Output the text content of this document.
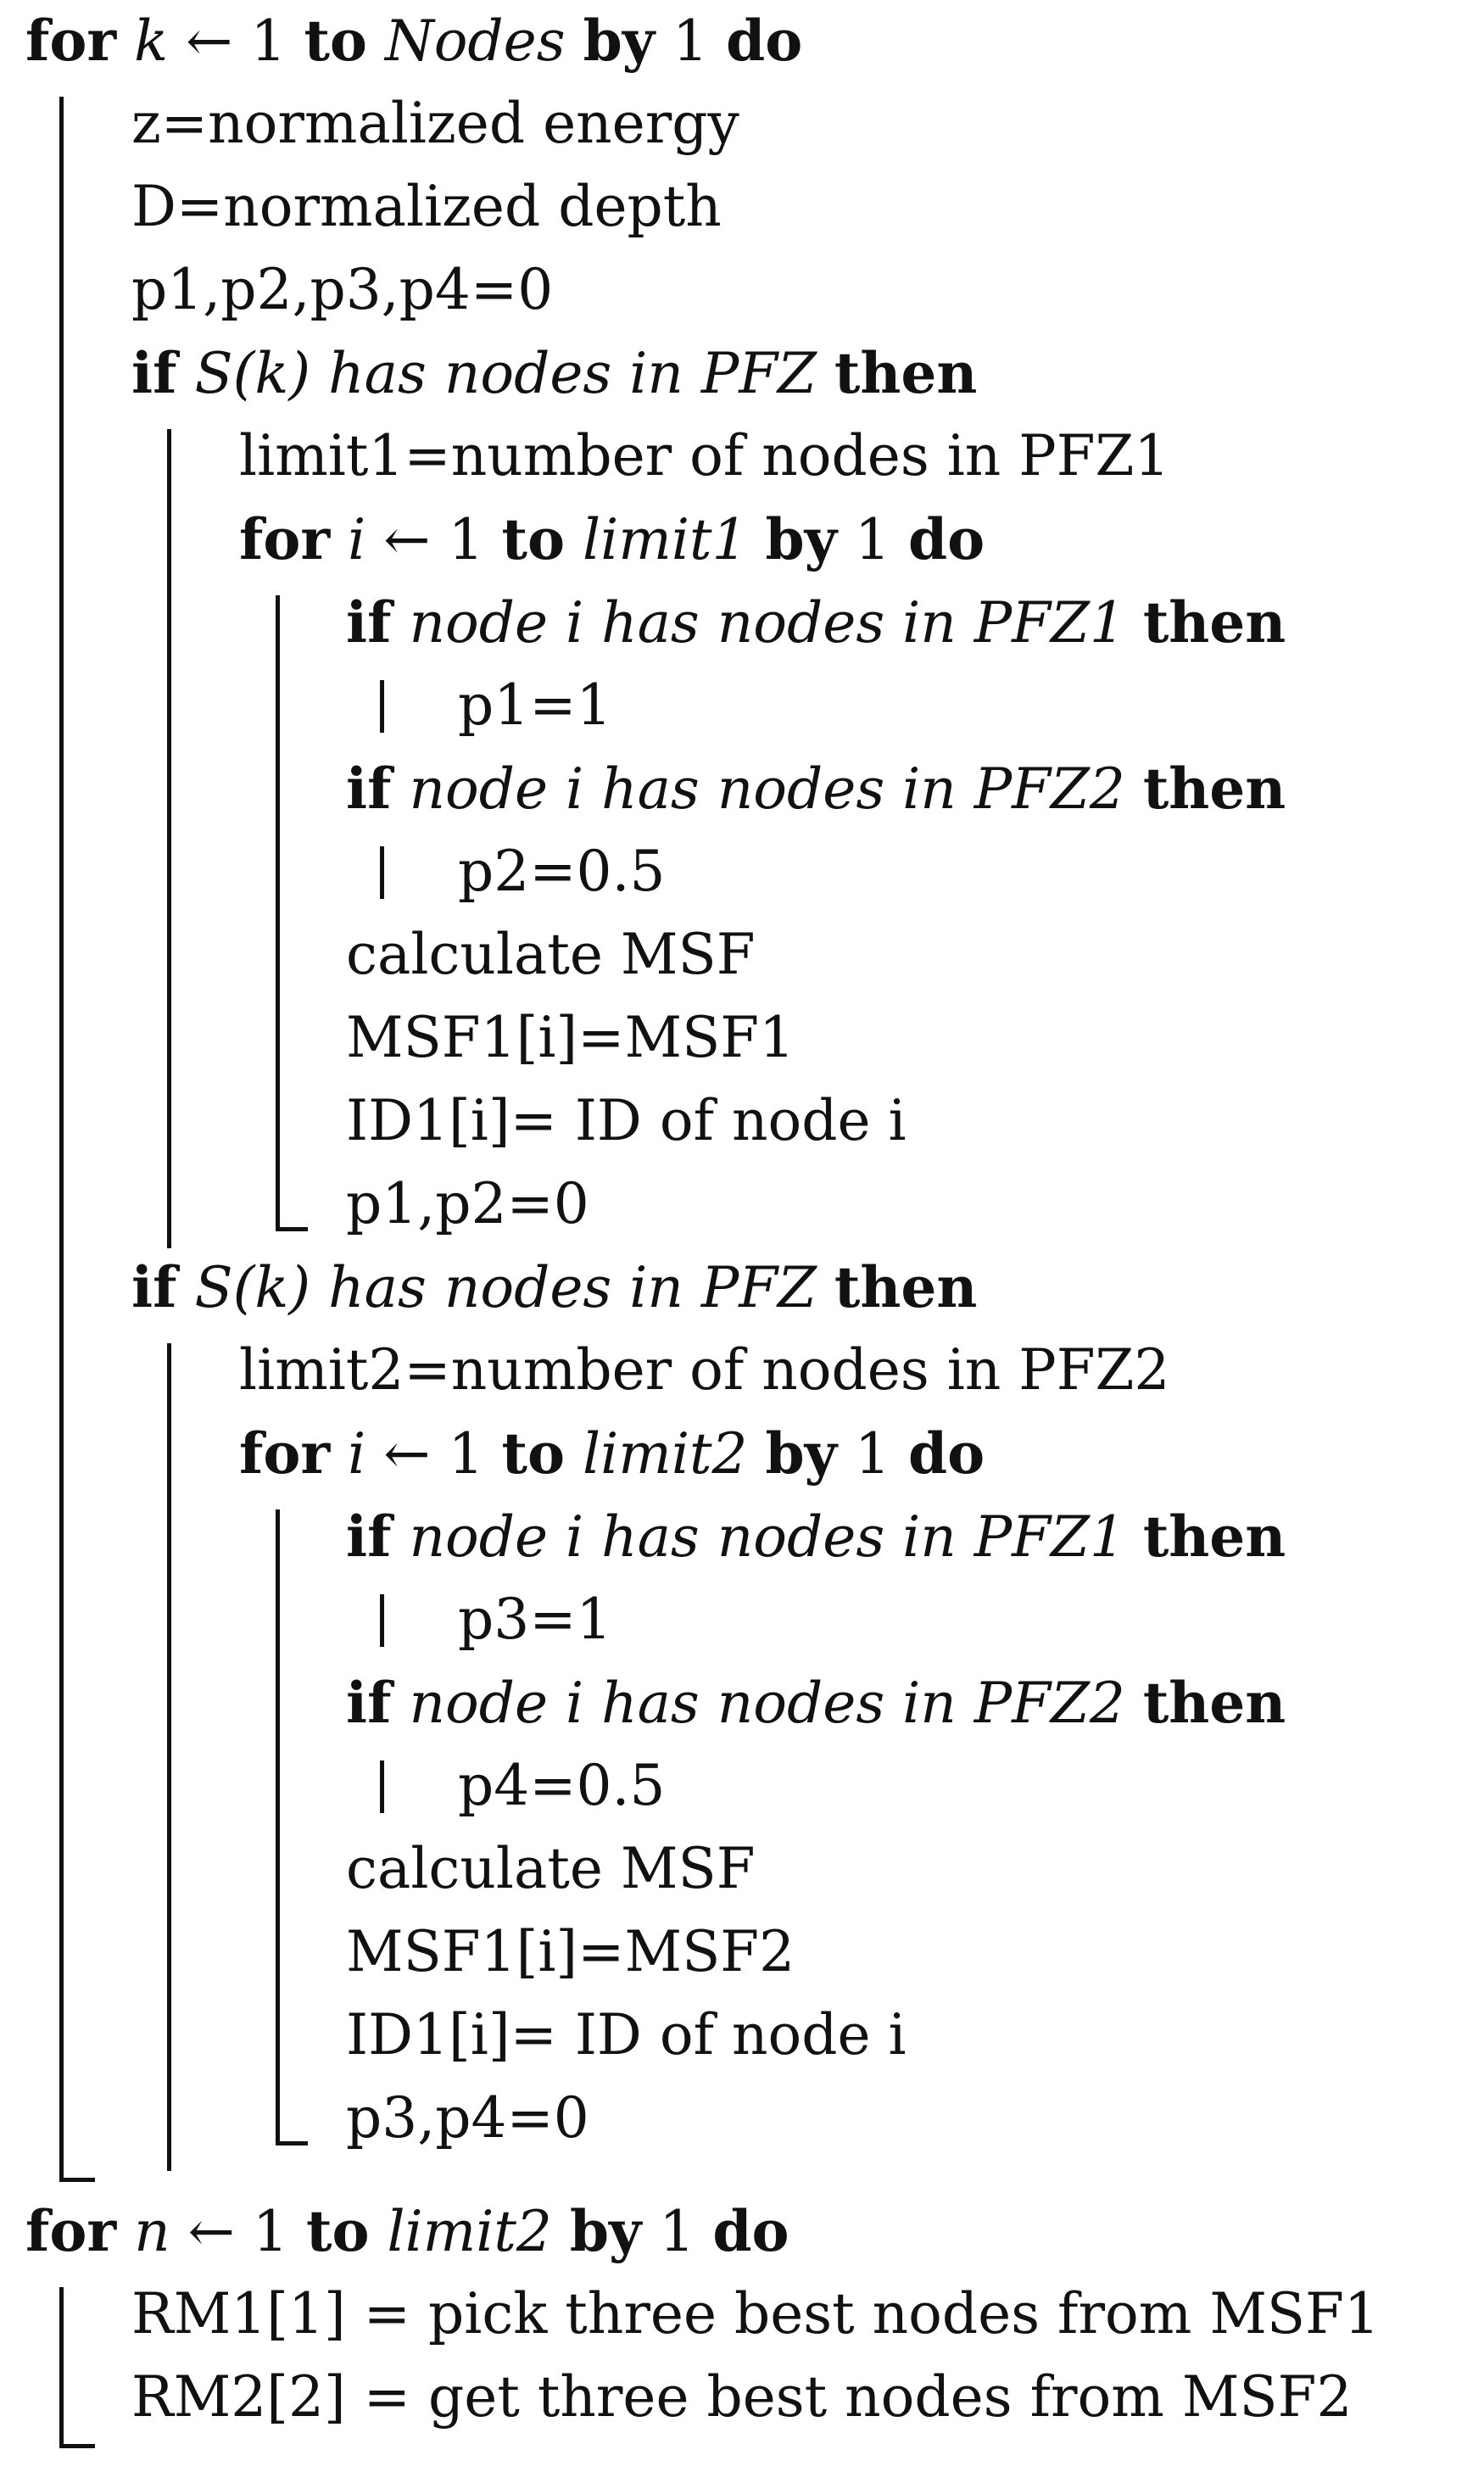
for k ← 1 to Nodes by 1 do
z=normalized energy
D=normalized depth
p1,p2,p3,p4=0
if S(k) has nodes in PFZ then
limit1=number of nodes in PFZ1
for i ← 1 to limit1 by 1 do
if node i has nodes in PFZ1 then
p1=1
if node i has nodes in PFZ2 then
p2=0.5
calculate MSF
MSF1[i]=MSF1
ID1[i]= ID of node i
p1,p2=0
if S(k) has nodes in PFZ then
limit2=number of nodes in PFZ2
for i ← 1 to limit2 by 1 do
if node i has nodes in PFZ1 then
p3=1
if node i has nodes in PFZ2 then
p4=0.5
calculate MSF
MSF1[i]=MSF2
ID1[i]= ID of node i
p3,p4=0
for n ← 1 to limit2 by 1 do
RM1[1] = pick three best nodes from MSF1
RM2[2] = get three best nodes from MSF2
